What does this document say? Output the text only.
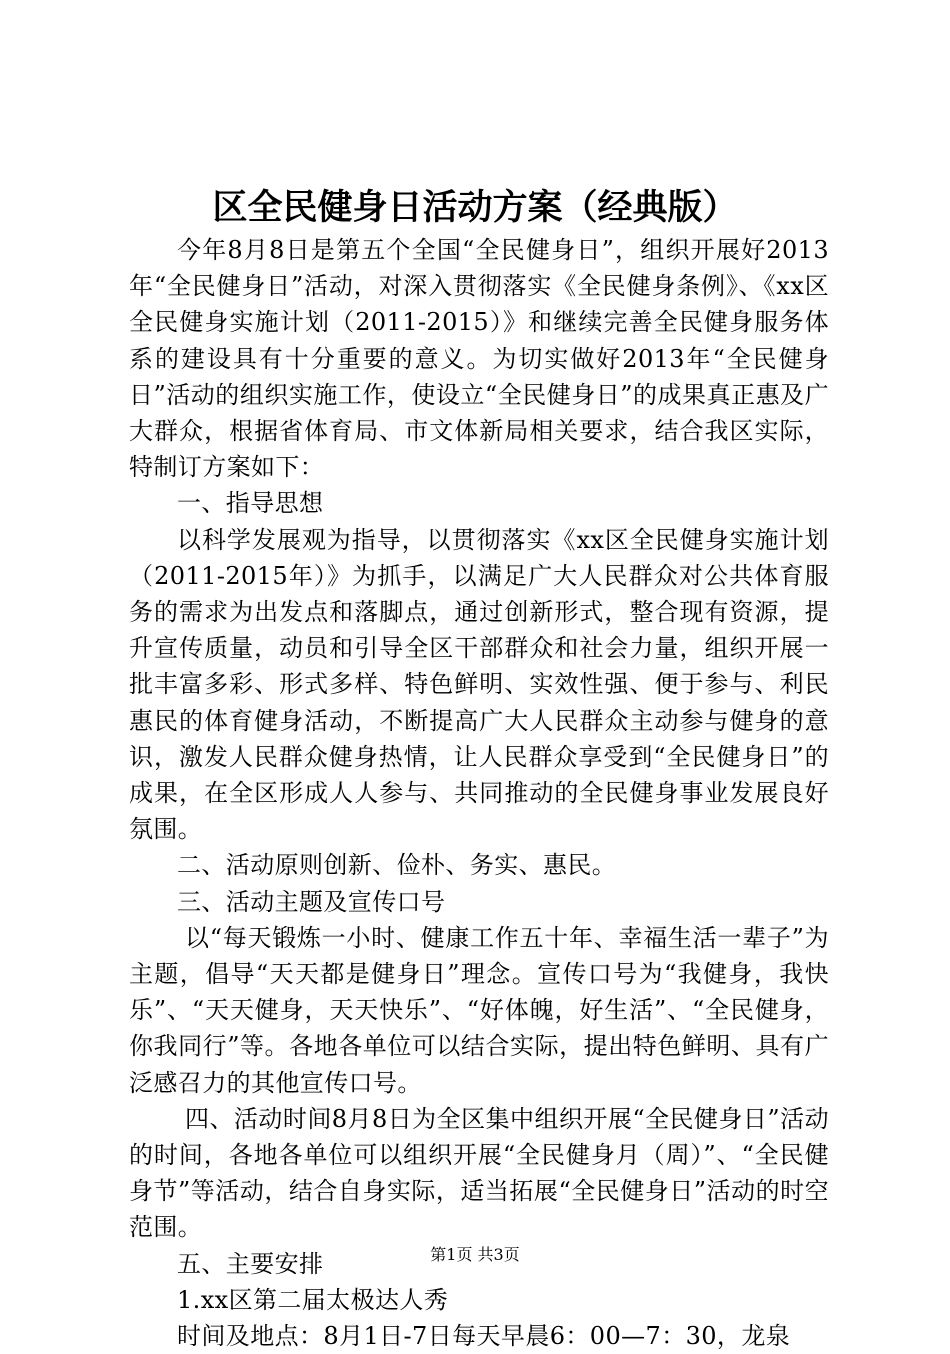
区全民健身日活动方案（经典版）

今年8月8日是第五个全国“全民健身日”，组织开展好2013年“全民健身日”活动，对深入贯彻落实《全民健身条例》、《xx区全民健身实施计划（2011-2015）》和继续完善全民健身服务体系的建设具有十分重要的意义。为切实做好2013年“全民健身日”活动的组织实施工作，使设立“全民健身日”的成果真正惠及广大群众，根据省体育局、市文体新局相关要求，结合我区实际，特制订方案如下：

一、指导思想

以科学发展观为指导，以贯彻落实《xx区全民健身实施计划（2011-2015年）》为抓手，以满足广大人民群众对公共体育服务的需求为出发点和落脚点，通过创新形式，整合现有资源，提升宣传质量，动员和引导全区干部群众和社会力量，组织开展一批丰富多彩、形式多样、特色鲜明、实效性强、便于参与、利民惠民的体育健身活动，不断提高广大人民群众主动参与健身的意识，激发人民群众健身热情，让人民群众享受到“全民健身日”的成果，在全区形成人人参与、共同推动的全民健身事业发展良好氛围。

二、活动原则创新、俭朴、务实、惠民。

三、活动主题及宣传口号

以“每天锻炼一小时、健康工作五十年、幸福生活一辈子”为主题，倡导“天天都是健身日”理念。宣传口号为“我健身，我快乐”、“天天健身，天天快乐”、“好体魄，好生活”、“全民健身，你我同行”等。各地各单位可以结合实际，提出特色鲜明、具有广泛感召力的其他宣传口号。

四、活动时间8月8日为全区集中组织开展“全民健身日”活动的时间，各地各单位可以组织开展“全民健身月（周）”、“全民健身节”等活动，结合自身实际，适当拓展“全民健身日”活动的时空范围。

五、主要安排

1.xx区第二届太极达人秀

时间及地点：8月1日-7日每天早晨6：00—7：30，龙泉

第1页 共3页
